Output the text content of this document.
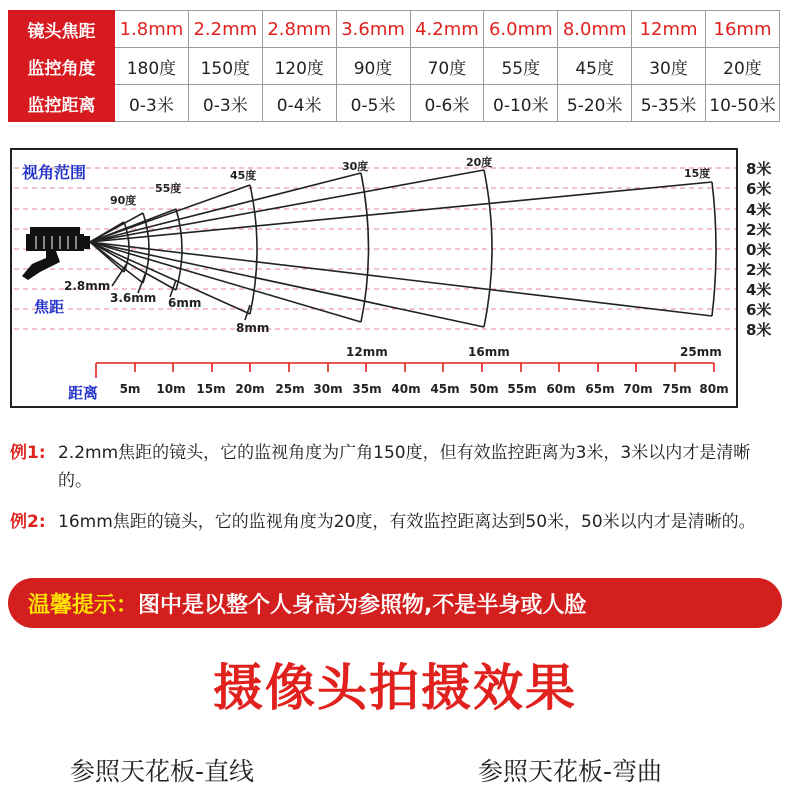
镜头焦距	1.8mm	2.2mm	2.8mm	3.6mm	4.2mm	6.0mm	8.0mm	12mm	16mm
监控角度	180度	150度	120度	90度	70度	55度	45度	30度	20度
监控距离	0-3米	0-3米	0-4米	0-5米	0-6米	0-10米	5-20米	5-35米	10-50米
视角范围
焦距
90度
55度
45度
30度	20度
15度
2.8mm
3.6mm 6mm
8mm
12mm	16mm	25mm
8米
6米
4米
2米
0米
2米
4米
6米
8米
距离 5m 10m 15m 20m 25m 30m 35m 40m 45m 50m 55m 60m 65m 70m 75m 80m
例1: 2.2mm焦距的镜头，它的监视角度为广角150度，但有效监控距离为3米，3米以内才是清晰的。
例2: 16mm焦距的镜头，它的监视角度为20度，有效监控距离达到50米，50米以内才是清晰的。
温馨提示： 图中是以整个人身高为参照物,不是半身或人脸
摄像头拍摄效果
参照天花板-直线	参照天花板-弯曲
